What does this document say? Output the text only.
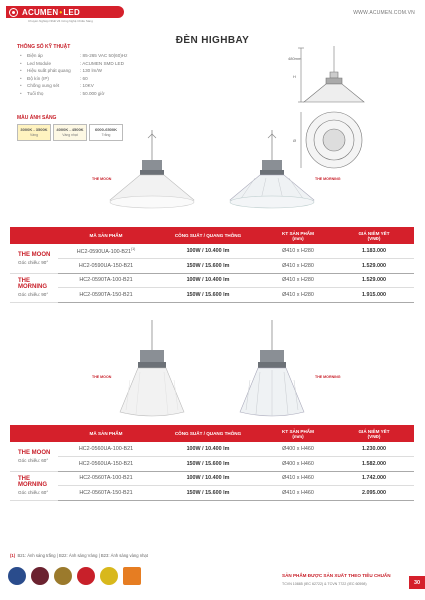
ACUMEN•LED
Chuyên Nghiệp Nhất Về Công Nghệ Chiếu Sáng
WWW.ACUMEN.COM.VN
ĐÈN HIGHBAY
THÔNG SỐ KỸ THUẬT
• Điện áp	: 85-265 VAC 50(60)Hz
• Led Module	: ACUMEN SMD LED
• Hiệu suất phát quang	: 130 lm/W
• Độ kín (IP)	: 60
• Chống xung sét	: 10KV
• Tuổi thọ	: 50.000 giờ
MÀU ÁNH SÁNG
3000K - 3500K
Vàng
4000K - 4500K
Vàng nhạt
6000-6500K
Trắng
480mm
H
Ø
THE MOON	THE MORNING
	MÃ SẢN PHẨM	CÔNG SUẤT / QUANG THÔNG	KT SẢN PHẨM
(mm)	GIÁ NIÊM YẾT
(VNĐ)

THE MOON
Góc chiếu: 90°	HC2-0590UA-100-B21$^{(1)}$	100W / 10.400 lm	Ø410 x H280	1.183.000
	HC2-0590UA-150-B21	150W / 15.600 lm	Ø410 x H280	1.529.000

THE MORNING
Góc chiếu: 90°	HC2-0590TA-100-B21	100W / 10.400 lm	Ø410 x H280	1.529.000
	HC2-0590TA-150-B21	150W / 15.600 lm	Ø410 x H280	1.915.000
THE MOON	THE MORNING
	MÃ SẢN PHẨM	CÔNG SUẤT / QUANG THÔNG	KT SẢN PHẨM
(mm)	GIÁ NIÊM YẾT
(VNĐ)

THE MOON
Góc chiếu: 60°	HC2-0560UA-100-B21	100W / 10.400 lm	Ø400 x H460	1.230.000
	HC2-0560UA-150-B21	150W / 15.600 lm	Ø400 x H460	1.582.000

THE MORNING
Góc chiếu: 60°	HC2-0560TA-100-B21	100W / 10.400 lm	Ø410 x H460	1.742.000
	HC2-0560TA-150-B21	150W / 15.600 lm	Ø410 x H460	2.095.000
(1) B21: Ánh sáng trắng | B22: Ánh sáng Vàng | B23: Ánh sáng vàng nhạt
SẢN PHẨM ĐƯỢC SẢN XUẤT THEO TIÊU CHUẨN
TCVN 10885 (IEC 62722) & TCVN 7722 (IEC 60598)	30
